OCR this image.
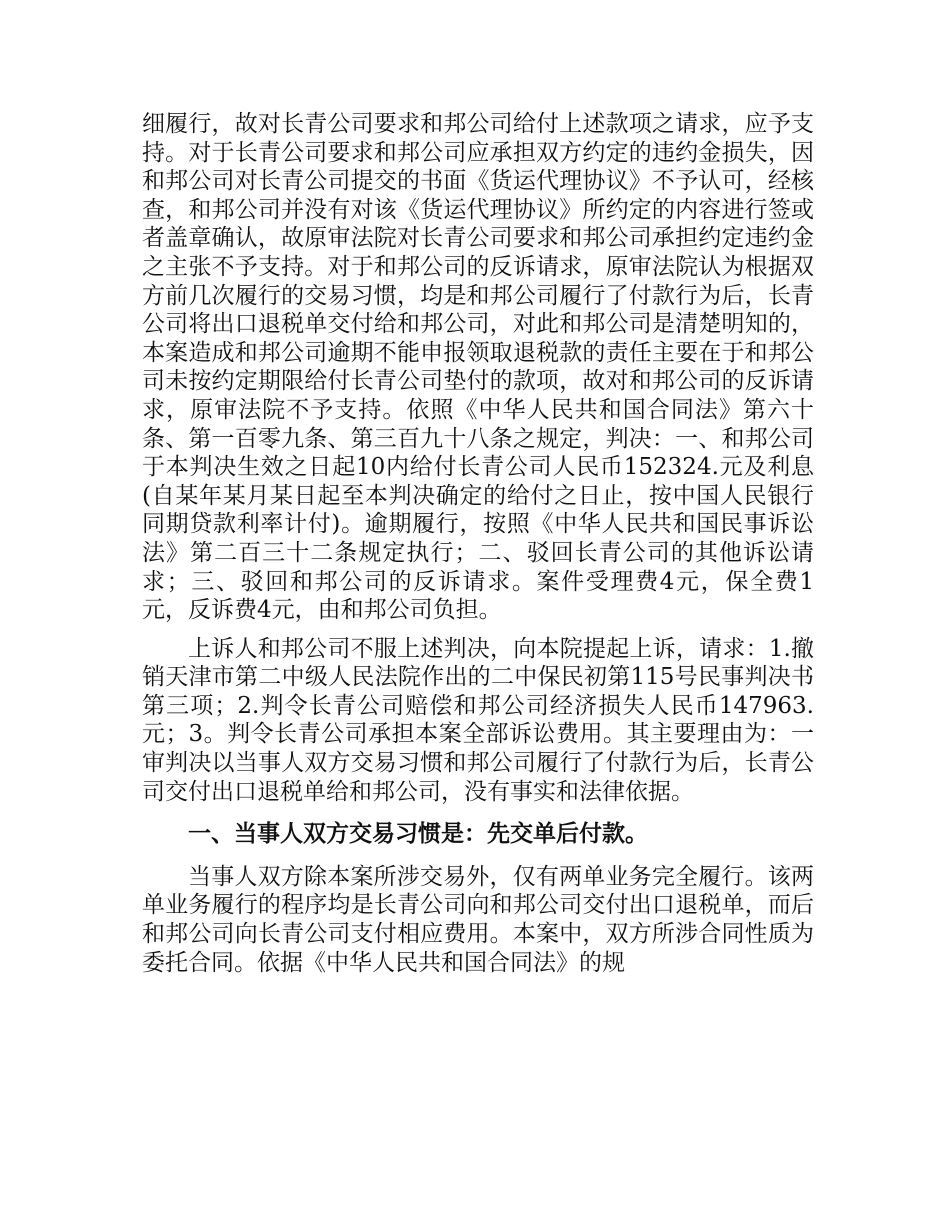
细履行，故对长青公司要求和邦公司给付上述款项之请求，应予支持。对于长青公司要求和邦公司应承担双方约定的违约金损失，因和邦公司对长青公司提交的书面《货运代理协议》不予认可，经核查，和邦公司并没有对该《货运代理协议》所约定的内容进行签或者盖章确认，故原审法院对长青公司要求和邦公司承担约定违约金之主张不予支持。对于和邦公司的反诉请求，原审法院认为根据双方前几次履行的交易习惯，均是和邦公司履行了付款行为后，长青公司将出口退税单交付给和邦公司，对此和邦公司是清楚明知的，本案造成和邦公司逾期不能申报领取退税款的责任主要在于和邦公司未按约定期限给付长青公司垫付的款项，故对和邦公司的反诉请求，原审法院不予支持。依照《中华人民共和国合同法》第六十条、第一百零九条、第三百九十八条之规定，判决：一、和邦公司于本判决生效之日起10内给付长青公司人民币152324.元及利息(自某年某月某日起至本判决确定的给付之日止，按中国人民银行同期贷款利率计付)。逾期履行，按照《中华人民共和国民事诉讼法》第二百三十二条规定执行；二、驳回长青公司的其他诉讼请求；三、驳回和邦公司的反诉请求。案件受理费4元，保全费1元，反诉费4元，由和邦公司负担。

上诉人和邦公司不服上述判决，向本院提起上诉，请求：1.撤销天津市第二中级人民法院作出的二中保民初第115号民事判决书第三项；2.判令长青公司赔偿和邦公司经济损失人民币147963.元；3。判令长青公司承担本案全部诉讼费用。其主要理由为：一审判决以当事人双方交易习惯和邦公司履行了付款行为后，长青公司交付出口退税单给和邦公司，没有事实和法律依据。

一、当事人双方交易习惯是：先交单后付款。

当事人双方除本案所涉交易外，仅有两单业务完全履行。该两单业务履行的程序均是长青公司向和邦公司交付出口退税单，而后和邦公司向长青公司支付相应费用。本案中，双方所涉合同性质为委托合同。依据《中华人民共和国合同法》的规
